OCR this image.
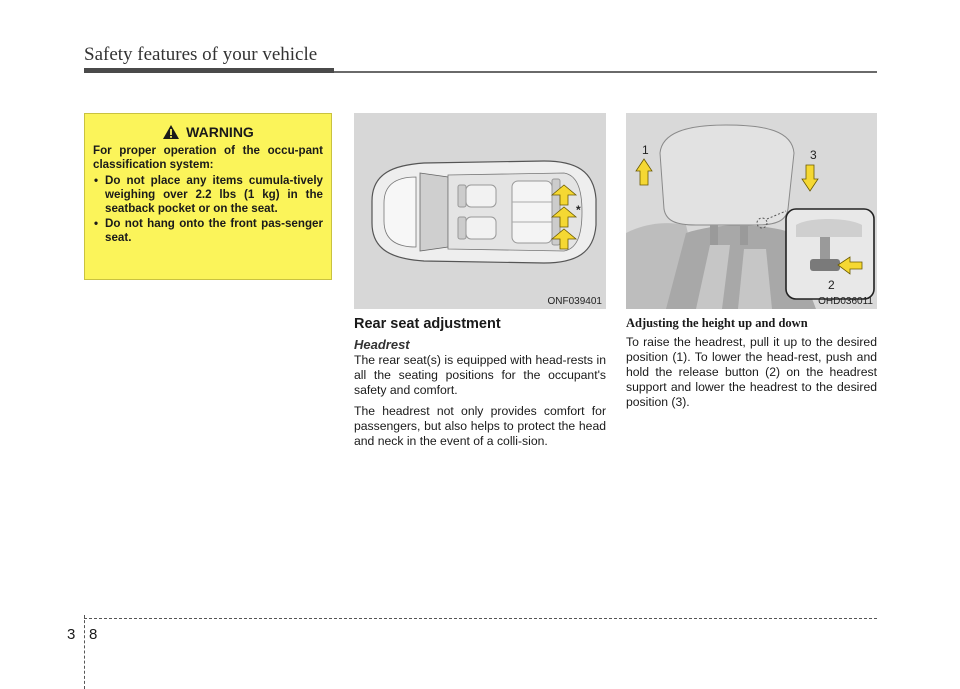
Safety features of your vehicle
WARNING

For proper operation of the occu-pant classification system:

• Do not place any items cumula-tively weighing over 2.2 lbs (1 kg) in the seatback pocket or on the seat.
• Do not hang onto the front pas-senger seat.
*
ONF039401
1	3
2
OHD036011
Rear seat adjustment
Headrest

The rear seat(s) is equipped with head-rests in all the seating positions for the occupant's safety and comfort.

The headrest not only provides comfort for passengers, but also helps to protect the head and neck in the event of a colli-sion.

Adjusting the height up and down

To raise the headrest, pull it up to the desired position (1). To lower the head-rest, push and hold the release button (2) on the headrest support and lower the headrest to the desired position (3).

3 8
